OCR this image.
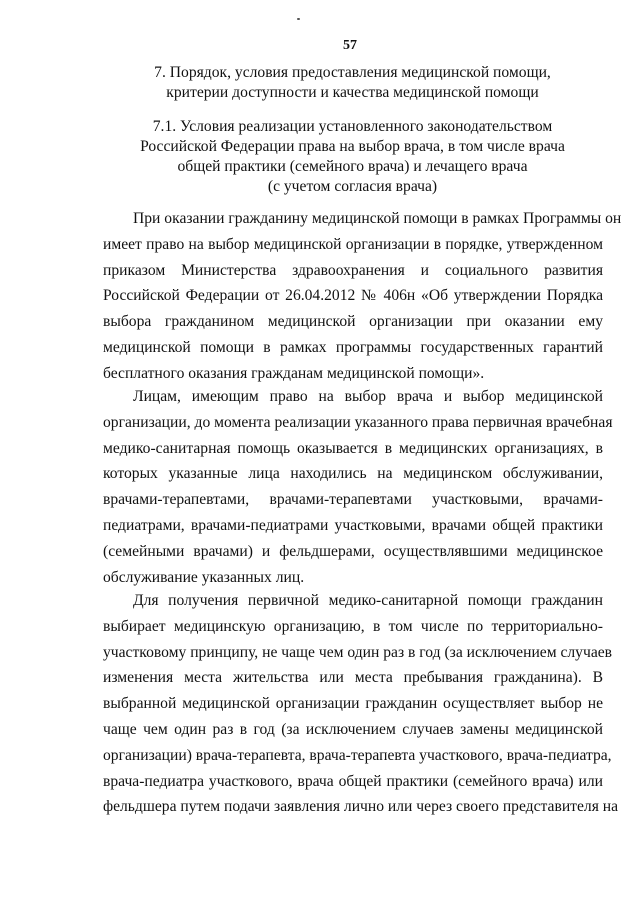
57
7. Порядок, условия предоставления медицинской помощи,
критерии доступности и качества медицинской помощи
7.1. Условия реализации установленного законодательством
Российской Федерации права на выбор врача, в том числе врача
общей практики (семейного врача) и лечащего врача
(с учетом согласия врача)
При оказании гражданину медицинской помощи в рамках Программы он
имеет право на выбор медицинской организации в порядке, утвержденном
приказом Министерства здравоохранения и социального развития
Российской Федерации от 26.04.2012 № 406н «Об утверждении Порядка
выбора гражданином медицинской организации при оказании ему
медицинской помощи в рамках программы государственных гарантий
бесплатного оказания гражданам медицинской помощи».
Лицам, имеющим право на выбор врача и выбор медицинской
организации, до момента реализации указанного права первичная врачебная
медико-санитарная помощь оказывается в медицинских организациях, в
которых указанные лица находились на медицинском обслуживании,
врачами-терапевтами, врачами-терапевтами участковыми, врачами-
педиатрами, врачами-педиатрами участковыми, врачами общей практики
(семейными врачами) и фельдшерами, осуществлявшими медицинское
обслуживание указанных лиц.
Для получения первичной медико-санитарной помощи гражданин
выбирает медицинскую организацию, в том числе по территориально-
участковому принципу, не чаще чем один раз в год (за исключением случаев
изменения места жительства или места пребывания гражданина). В
выбранной медицинской организации гражданин осуществляет выбор не
чаще чем один раз в год (за исключением случаев замены медицинской
организации) врача-терапевта, врача-терапевта участкового, врача-педиатра,
врача-педиатра участкового, врача общей практики (семейного врача) или
фельдшера путем подачи заявления лично или через своего представителя на
